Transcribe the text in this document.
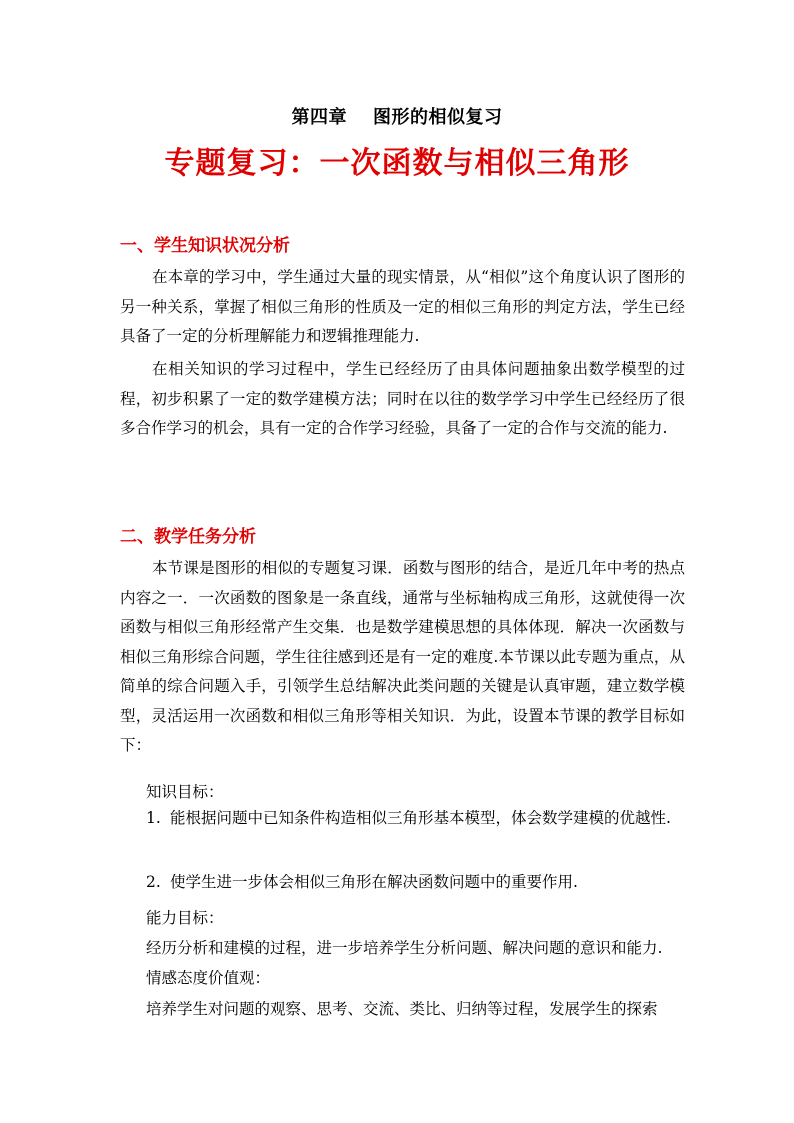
第四章 图形的相似复习
专题复习：一次函数与相似三角形
一、学生知识状况分析

在本章的学习中，学生通过大量的现实情景，从“相似”这个角度认识了图形的另一种关系，掌握了相似三角形的性质及一定的相似三角形的判定方法，学生已经具备了一定的分析理解能力和逻辑推理能力.

在相关知识的学习过程中，学生已经经历了由具体问题抽象出数学模型的过程，初步积累了一定的数学建模方法；同时在以往的数学学习中学生已经经历了很多合作学习的机会，具有一定的合作学习经验，具备了一定的合作与交流的能力.

二、教学任务分析

本节课是图形的相似的专题复习课．函数与图形的结合，是近几年中考的热点内容之一．一次函数的图象是一条直线，通常与坐标轴构成三角形，这就使得一次函数与相似三角形经常产生交集．也是数学建模思想的具体体现．解决一次函数与相似三角形综合问题，学生往往感到还是有一定的难度.本节课以此专题为重点，从简单的综合问题入手，引领学生总结解决此类问题的关键是认真审题，建立数学模型，灵活运用一次函数和相似三角形等相关知识．为此，设置本节课的教学目标如下：

知识目标：
1. 能根据问题中已知条件构造相似三角形基本模型，体会数学建模的优越性.
2. 使学生进一步体会相似三角形在解决函数问题中的重要作用.
能力目标：
经历分析和建模的过程，进一步培养学生分析问题、解决问题的意识和能力.
情感态度价值观：
培养学生对问题的观察、思考、交流、类比、归纳等过程，发展学生的探索
